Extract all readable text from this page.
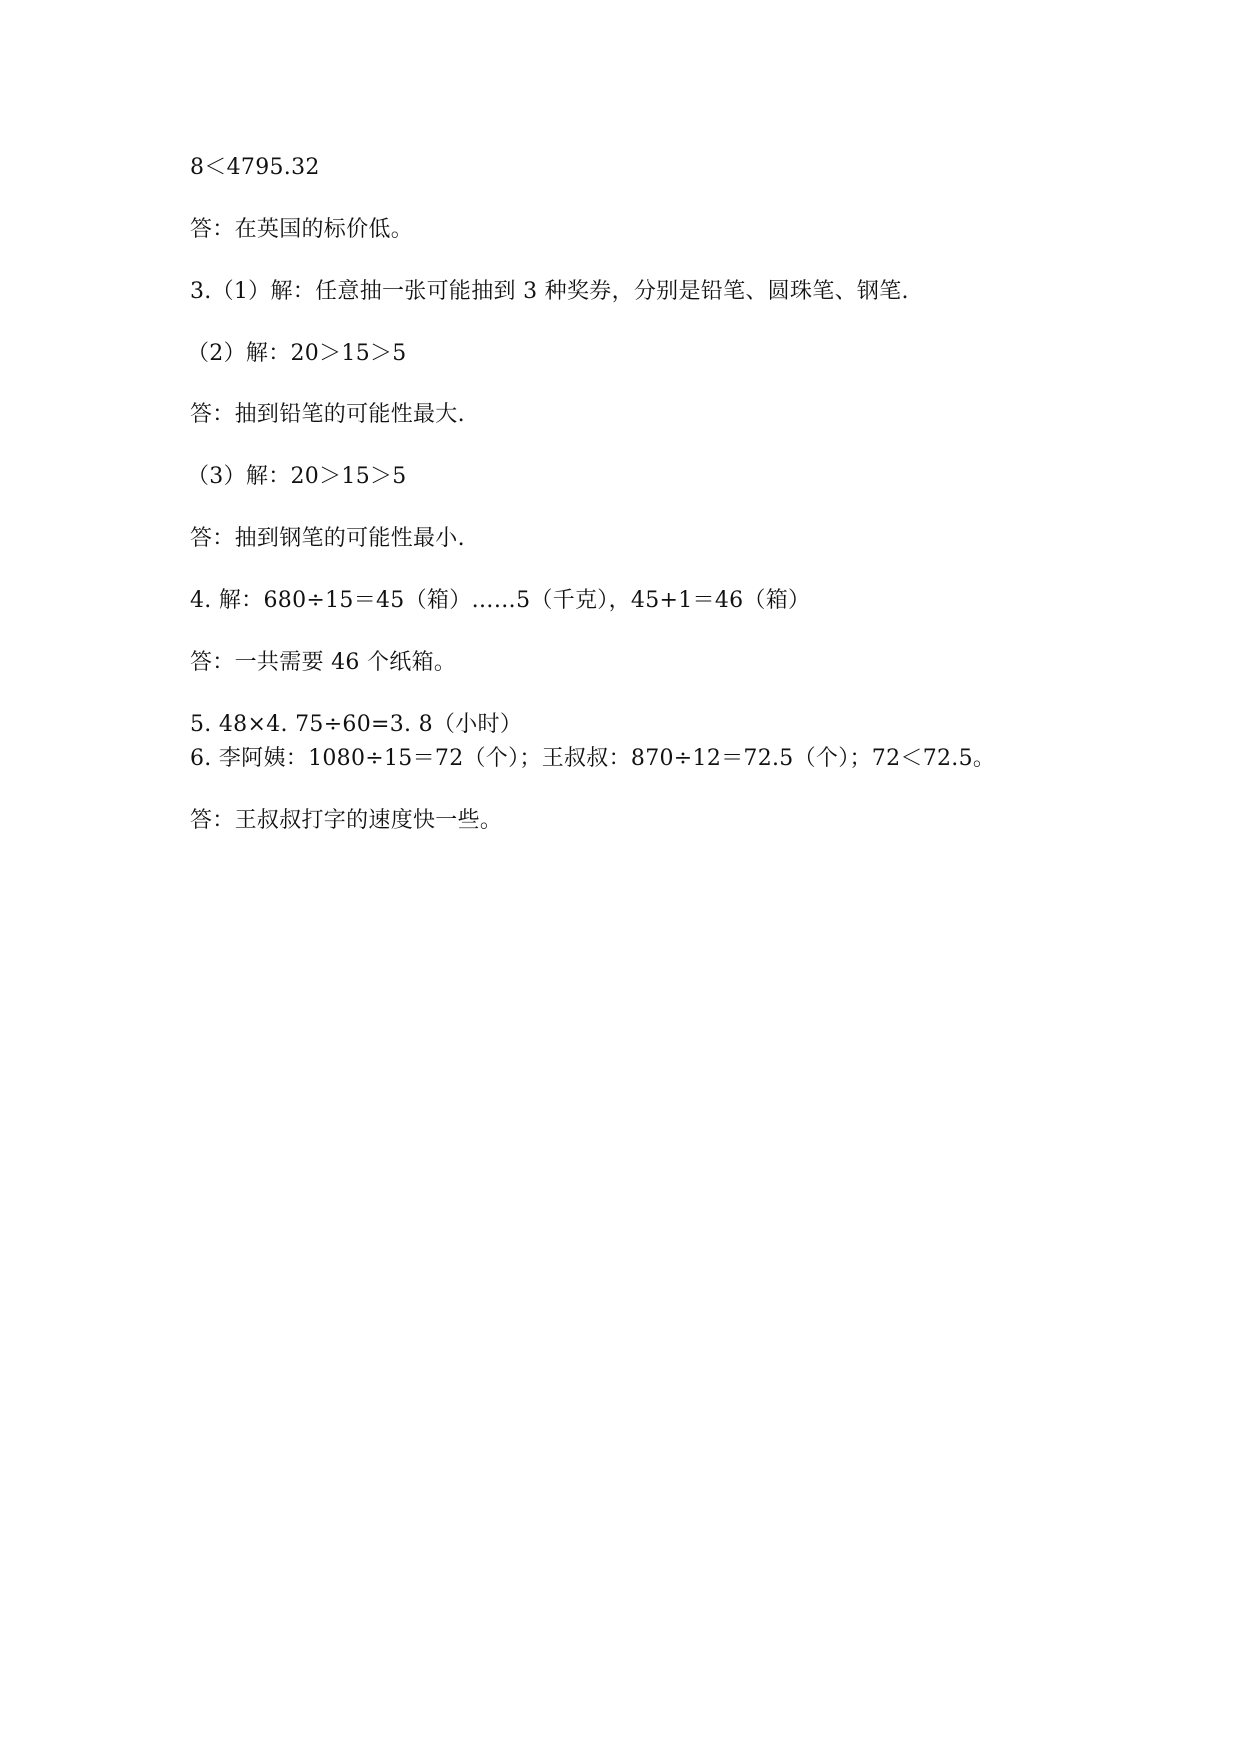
8＜4795.32
答：在英国的标价低。
3.（1）解：任意抽一张可能抽到 3 种奖券，分别是铅笔、圆珠笔、钢笔.
（2）解：20＞15＞5
答：抽到铅笔的可能性最大.
（3）解：20＞15＞5
答：抽到钢笔的可能性最小.
4. 解：680÷15＝45（箱）……5（千克），45+1＝46（箱）
答：一共需要 46 个纸箱。
5. 48×4. 75÷60=3. 8（小时）
6. 李阿姨：1080÷15＝72（个）；王叔叔：870÷12＝72.5（个）；72＜72.5。
答：王叔叔打字的速度快一些。
